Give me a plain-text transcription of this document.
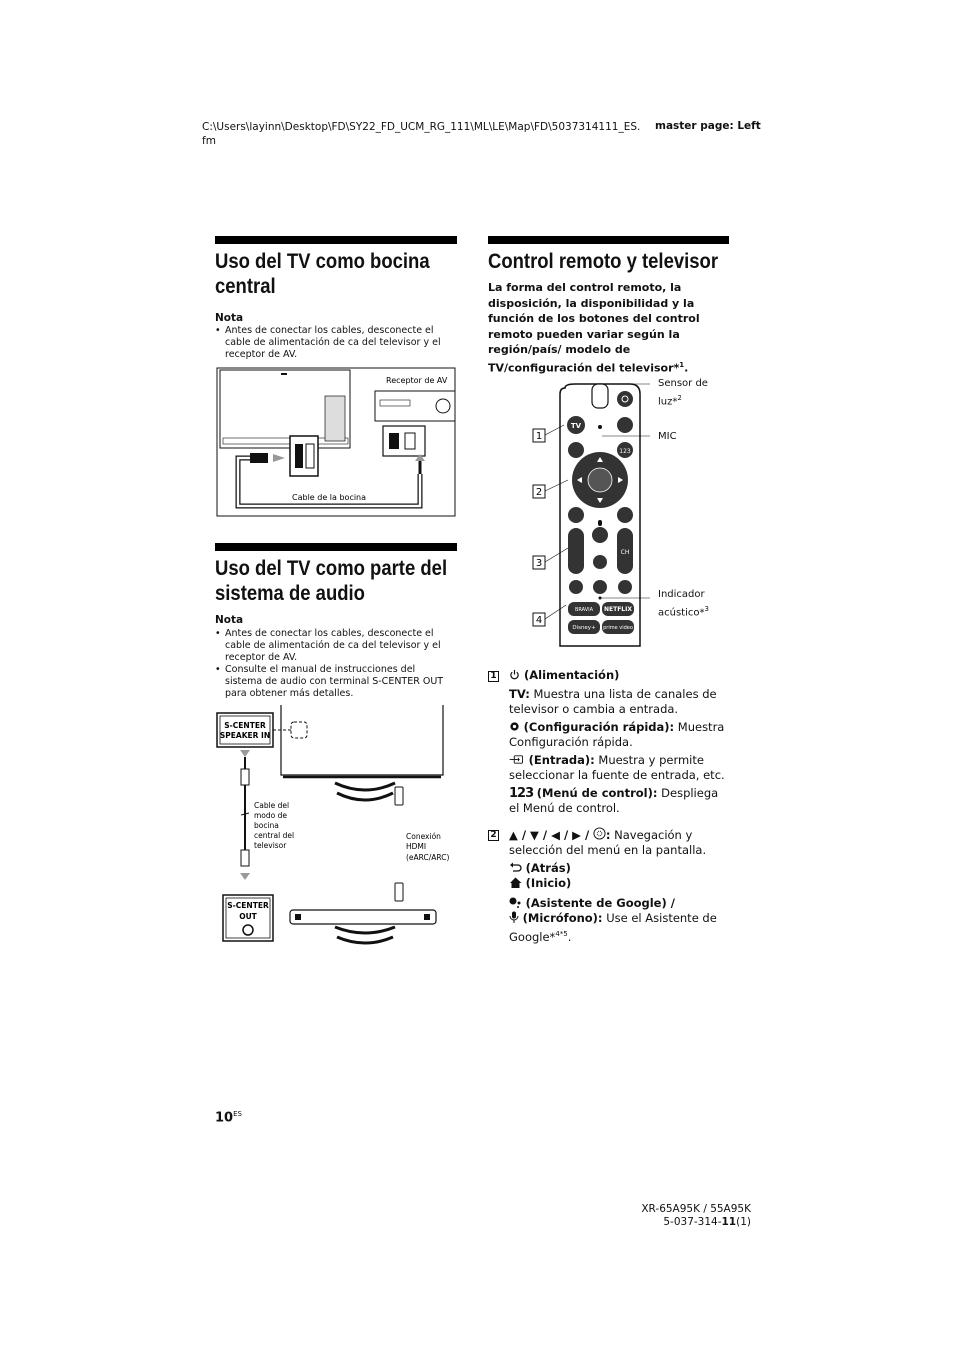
C:\Users\layinn\Desktop\FD\SY22_FD_UCM_RG_111\ML\LE\Map\FD\5037314111_ES.fm
master page: Left
Uso del TV como bocina
central
Nota
• Antes de conectar los cables, desconecte el cable de alimentación de ca del televisor y el receptor de AV.
Receptor de AV
Cable de la bocina
Uso del TV como parte del
sistema de audio
Nota
• Antes de conectar los cables, desconecte el cable de alimentación de ca del televisor y el receptor de AV.
• Consulte el manual de instrucciones del sistema de audio con terminal S-CENTER OUT para obtener más detalles.
S-CENTER
SPEAKER IN
Cable del
modo de
bocina
central del
televisor
Conexión
HDMI
(eARC/ARC)
S-CENTER
OUT
Control remoto y televisor
La forma del control remoto, la disposición, la disponibilidad y la función de los botones del control remoto pueden variar según la región/país/ modelo de TV/configuración del televisor*$^1$.
1
2
3
4
TV
123
CH
BRAVIA NETFLIX
Disney+ prime video
Sensor de
luz*$^2$
MIC
Indicador
acústico*$^3$
1 (Alimentación)
TV: Muestra una lista de canales de televisor o cambia a entrada.
(Configuración rápida): Muestra Configuración rápida.
(Entrada): Muestra y permite seleccionar la fuente de entrada, etc.
123 (Menú de control): Despliega el Menú de control.
2 ▲ / ▼ / ◀ / ▶ / : Navegación y selección del menú en la pantalla.
(Atrás)
(Inicio)
(Asistente de Google) /
(Micrófono): Use el Asistente de Google*$^{4*5}$.
$10^{ES}$
XR-65A95K / 55A95K
5-037-314-11(1)
